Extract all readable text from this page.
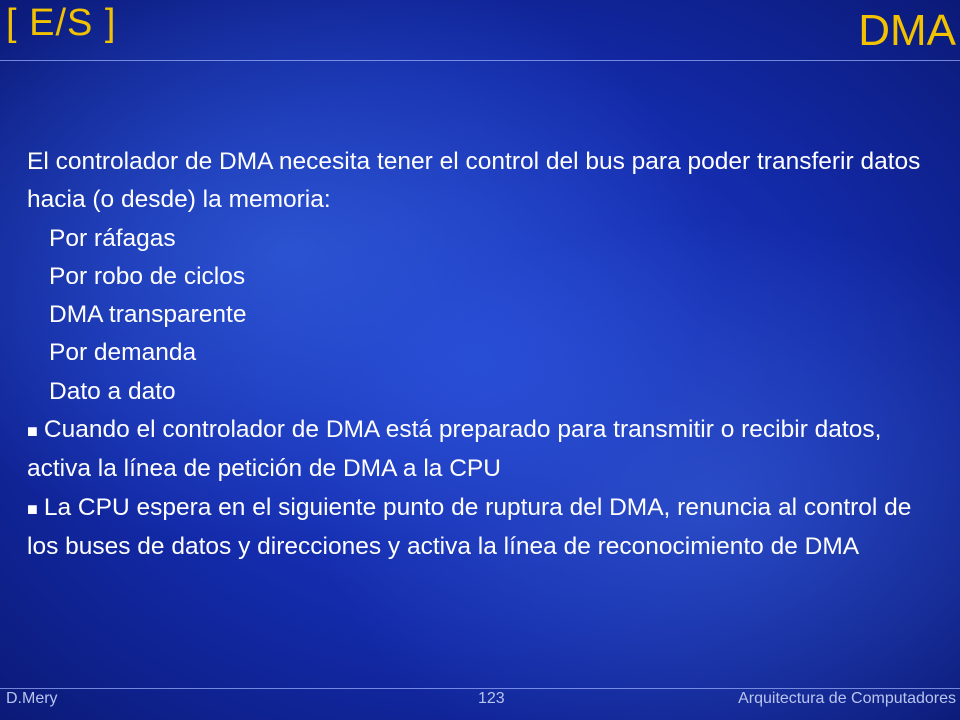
[ E/S ]	DMA

El controlador de DMA necesita tener el control del bus para poder transferir datos hacia (o desde) la memoria:

Por ráfagas
Por robo de ciclos
DMA transparente
Por demanda
Dato a dato

■ Cuando el controlador de DMA está preparado para transmitir o recibir datos, activa la línea de petición de DMA a la CPU

■ La CPU espera en el siguiente punto de ruptura del DMA, renuncia al control de los buses de datos y direcciones y activa la línea de reconocimiento de DMA

D.Mery	123	Arquitectura de Computadores
